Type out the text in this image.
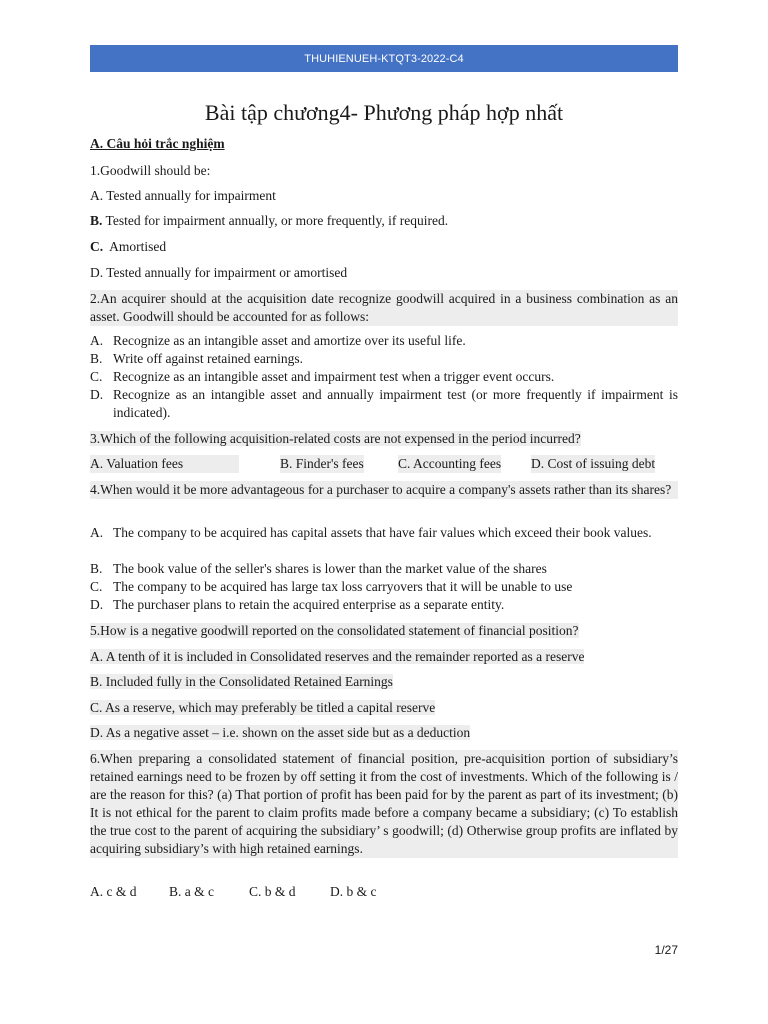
THUHIENUEH-KTQT3-2022-C4
Bài tập chương4- Phương pháp hợp nhất
A. Câu hỏi trắc nghiệm
1.Goodwill should be:
A. Tested annually for impairment
B. Tested for impairment annually, or more frequently, if required.
C.  Amortised
D. Tested annually for impairment or amortised
2.An acquirer should at the acquisition date recognize goodwill acquired in a business combination as an asset. Goodwill should be accounted for as follows:
A. Recognize as an intangible asset and amortize over its useful life.
B. Write off against retained earnings.
C. Recognize as an intangible asset and impairment test when a trigger event occurs.
D. Recognize as an intangible asset and annually impairment test (or more frequently if impairment is indicated).
3.Which of the following acquisition-related costs are not expensed in the period incurred?
A. Valuation fees	B. Finder's fees	C. Accounting fees D. Cost of issuing debt
4.When would it be more advantageous for a purchaser to acquire a company's assets rather than its shares?
A. The company to be acquired has capital assets that have fair values which exceed their book values.
B. The book value of the seller's shares is lower than the market value of the shares
C. The company to be acquired has large tax loss carryovers that it will be unable to use
D. The purchaser plans to retain the acquired enterprise as a separate entity.
5.How is a negative goodwill reported on the consolidated statement of financial position?
A. A tenth of it is included in Consolidated reserves and the remainder reported as a reserve
B. Included fully in the Consolidated Retained Earnings
C. As a reserve, which may preferably be titled a capital reserve
D. As a negative asset – i.e. shown on the asset side but as a deduction
6.When preparing a consolidated statement of financial position, pre-acquisition portion of subsidiary’s retained earnings need to be frozen by off setting it from the cost of investments. Which of the following is / are the reason for this? (a) That portion of profit has been paid for by the parent as part of its investment; (b) It is not ethical for the parent to claim profits made before a company became a subsidiary; (c) To establish the true cost to the parent of acquiring the subsidiary’ s goodwill; (d) Otherwise group profits are inflated by acquiring subsidiary’s with high retained earnings.
A. c & d B. a & c	C. b & d	D. b & c
1/27
